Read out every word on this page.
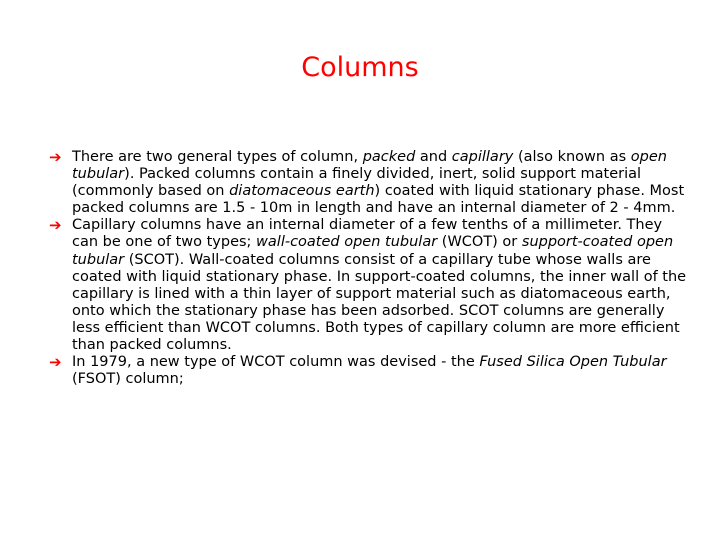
Columns
➔ There are two general types of column, packed and capillary (also known as open tubular). Packed columns contain a finely divided, inert, solid support material (commonly based on diatomaceous earth) coated with liquid stationary phase. Most packed columns are 1.5 - 10m in length and have an internal diameter of 2 - 4mm.
➔ Capillary columns have an internal diameter of a few tenths of a millimeter. They can be one of two types; wall-coated open tubular (WCOT) or support-coated open tubular (SCOT). Wall-coated columns consist of a capillary tube whose walls are coated with liquid stationary phase. In support-coated columns, the inner wall of the capillary is lined with a thin layer of support material such as diatomaceous earth, onto which the stationary phase has been adsorbed. SCOT columns are generally less efficient than WCOT columns. Both types of capillary column are more efficient than packed columns.
➔ In 1979, a new type of WCOT column was devised - the Fused Silica Open Tubular (FSOT) column;
